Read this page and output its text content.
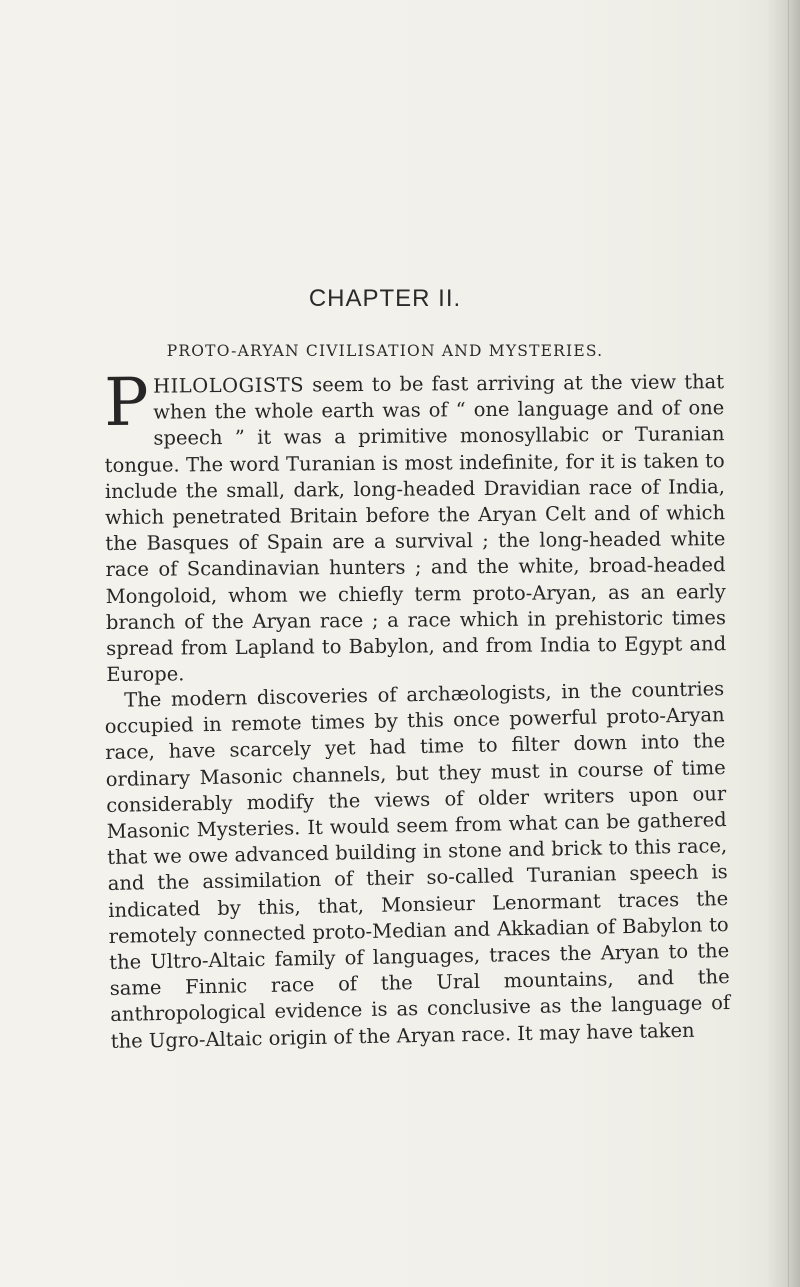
CHAPTER II.
PROTO-ARYAN CIVILISATION AND MYSTERIES.

PHILOLOGISTS seem to be fast arriving at the view that when the whole earth was of “ one language and of one speech ” it was a primitive monosyllabic or Turanian tongue. The word Turanian is most indefinite, for it is taken to include the small, dark, long-headed Dravidian race of India, which penetrated Britain before the Aryan Celt and of which the Basques of Spain are a survival ; the long-headed white race of Scandinavian hunters ; and the white, broad-headed Mongoloid, whom we chiefly term proto-Aryan, as an early branch of the Aryan race ; a race which in prehistoric times spread from Lapland to Babylon, and from India to Egypt and Europe.

The modern discoveries of archæologists, in the countries occupied in remote times by this once powerful proto-Aryan race, have scarcely yet had time to filter down into the ordinary Masonic channels, but they must in course of time considerably modify the views of older writers upon our Masonic Mysteries. It would seem from what can be gathered that we owe advanced building in stone and brick to this race, and the assimilation of their so-called Turanian speech is indicated by this, that, Monsieur Lenormant traces the remotely connected proto-Median and Akkadian of Babylon to the Ultro-Altaic family of languages, traces the Aryan to the same Finnic race of the Ural mountains, and the anthropological evidence is as conclusive as the language of the Ugro-Altaic origin of the Aryan race. It may have taken
